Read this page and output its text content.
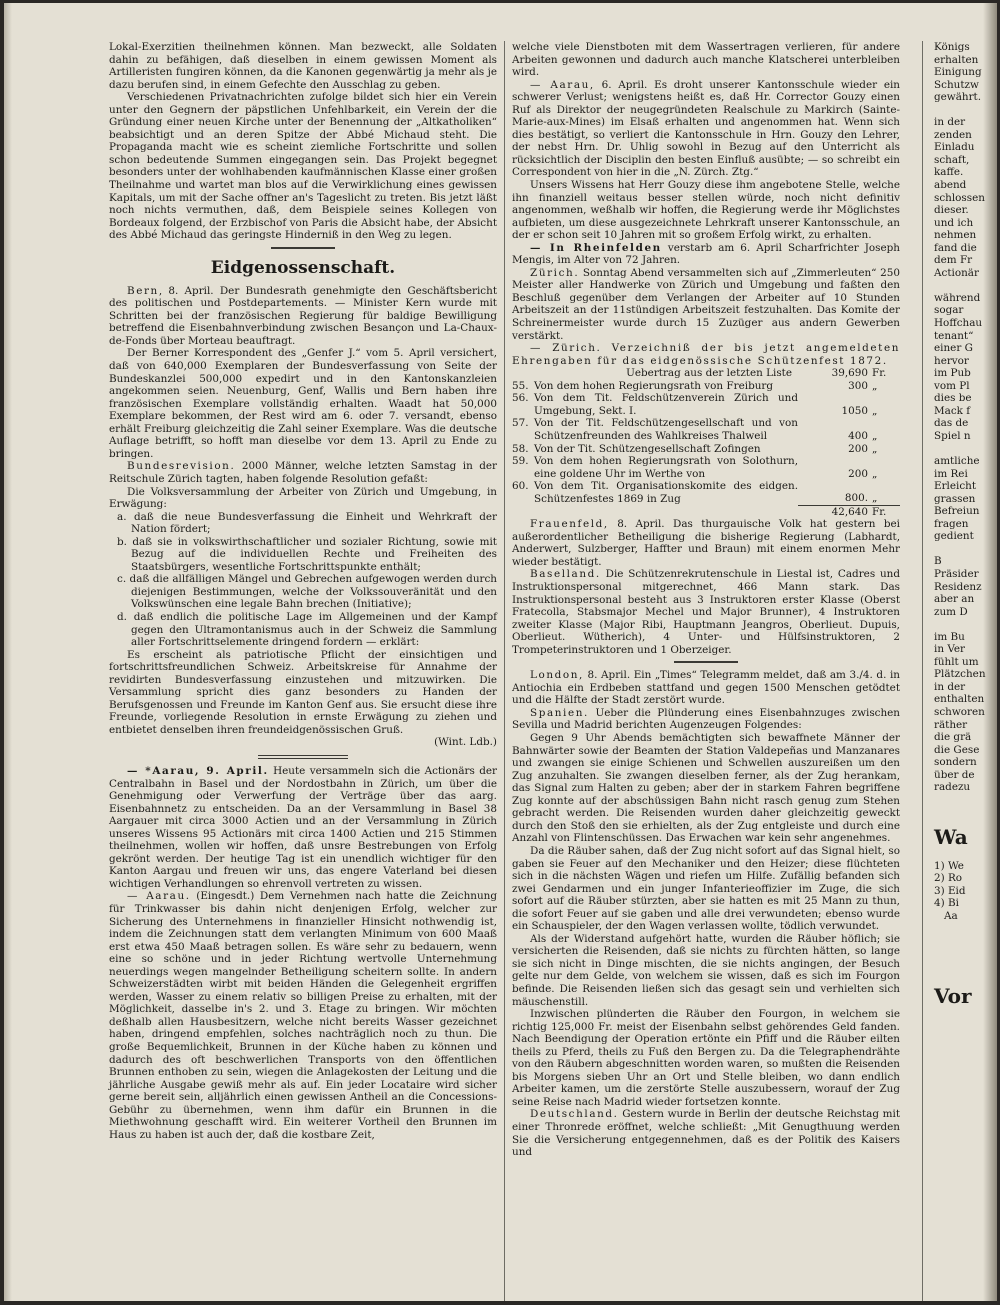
Lokal-Exerzitien theilnehmen können. Man bezweckt, alle Soldaten dahin zu befähigen, daß dieselben in einem gewissen Moment als Artilleristen fungiren können, da die Kanonen gegenwärtig ja mehr als je dazu berufen sind, in einem Gefechte den Ausschlag zu geben.

Verschiedenen Privatnachrichten zufolge bildet sich hier ein Verein unter den Gegnern der päpstlichen Unfehlbarkeit, ein Verein der die Gründung einer neuen Kirche unter der Benennung der „Altkatholiken“ beabsichtigt und an deren Spitze der Abbé Michaud steht. Die Propaganda macht wie es scheint ziemliche Fortschritte und sollen schon bedeutende Summen eingegangen sein. Das Projekt begegnet besonders unter der wohlhabenden kaufmännischen Klasse einer großen Theilnahme und wartet man blos auf die Verwirklichung eines gewissen Kapitals, um mit der Sache offner an's Tageslicht zu treten. Bis jetzt läßt noch nichts vermuthen, daß, dem Beispiele seines Kollegen von Bordeaux folgend, der Erzbischof von Paris die Absicht habe, der Absicht des Abbé Michaud das geringste Hinderniß in den Weg zu legen.

Eidgenossenschaft.

Bern, 8. April. Der Bundesrath genehmigte den Geschäftsbericht des politischen und Postdepartements. — Minister Kern wurde mit Schritten bei der französischen Regierung für baldige Bewilligung betreffend die Eisenbahnverbindung zwischen Besançon und La-Chaux-de-Fonds über Morteau beauftragt.

Der Berner Korrespondent des „Genfer J.“ vom 5. April versichert, daß von 640,000 Exemplaren der Bundesverfassung von Seite der Bundeskanzlei 500,000 expedirt und in den Kantonskanzleien angekommen seien. Neuenburg, Genf, Wallis und Bern haben ihre französischen Exemplare vollständig erhalten. Waadt hat 50,000 Exemplare bekommen, der Rest wird am 6. oder 7. versandt, ebenso erhält Freiburg gleichzeitig die Zahl seiner Exemplare. Was die deutsche Auflage betrifft, so hofft man dieselbe vor dem 13. April zu Ende zu bringen.

Bundesrevision. 2000 Männer, welche letzten Samstag in der Reitschule Zürich tagten, haben folgende Resolution gefaßt:

Die Volksversammlung der Arbeiter von Zürich und Umgebung, in Erwägung:

a. daß die neue Bundesverfassung die Einheit und Wehrkraft der Nation fördert;

b. daß sie in volkswirthschaftlicher und sozialer Richtung, sowie mit Bezug auf die individuellen Rechte und Freiheiten des Staatsbürgers, wesentliche Fortschrittspunkte enthält;

c. daß die allfälligen Mängel und Gebrechen aufgewogen werden durch diejenigen Bestimmungen, welche der Volkssouveränität und den Volkswünschen eine legale Bahn brechen (Initiative);

d. daß endlich die politische Lage im Allgemeinen und der Kampf gegen den Ultramontanismus auch in der Schweiz die Sammlung aller Fortschrittselemente dringend fordern — erklärt:

Es erscheint als patriotische Pflicht der einsichtigen und fortschrittsfreundlichen Schweiz. Arbeitskreise für Annahme der revidirten Bundesverfassung einzustehen und mitzuwirken. Die Versammlung spricht dies ganz besonders zu Handen der Berufsgenossen und Freunde im Kanton Genf aus. Sie ersucht diese ihre Freunde, vorliegende Resolution in ernste Erwägung zu ziehen und entbietet denselben ihren freundeidgenössischen Gruß.

(Wint. Ldb.)

— *Aarau, 9. April. Heute versammeln sich die Actionärs der Centralbahn in Basel und der Nordostbahn in Zürich, um über die Genehmigung oder Verwerfung der Verträge über das aarg. Eisenbahnnetz zu entscheiden. Da an der Versammlung in Basel 38 Aargauer mit circa 3000 Actien und an der Versammlung in Zürich unseres Wissens 95 Actionärs mit circa 1400 Actien und 215 Stimmen theilnehmen, wollen wir hoffen, daß unsre Bestrebungen von Erfolg gekrönt werden. Der heutige Tag ist ein unendlich wichtiger für den Kanton Aargau und freuen wir uns, das engere Vaterland bei diesen wichtigen Verhandlungen so ehrenvoll vertreten zu wissen.

— Aarau. (Eingesdt.) Dem Vernehmen nach hatte die Zeichnung für Trinkwasser bis dahin nicht denjenigen Erfolg, welcher zur Sicherung des Unternehmens in finanzieller Hinsicht nothwendig ist, indem die Zeichnungen statt dem verlangten Minimum von 600 Maaß erst etwa 450 Maaß betragen sollen. Es wäre sehr zu bedauern, wenn eine so schöne und in jeder Richtung wertvolle Unternehmung neuerdings wegen mangelnder Betheiligung scheitern sollte. In andern Schweizerstädten wirbt mit beiden Händen die Gelegenheit ergriffen werden, Wasser zu einem relativ so billigen Preise zu erhalten, mit der Möglichkeit, dasselbe in's 2. und 3. Etage zu bringen. Wir möchten deßhalb allen Hausbesitzern, welche nicht bereits Wasser gezeichnet haben, dringend empfehlen, solches nachträglich noch zu thun. Die große Bequemlichkeit, Brunnen in der Küche haben zu können und dadurch des oft beschwerlichen Transports von den öffentlichen Brunnen enthoben zu sein, wiegen die Anlagekosten der Leitung und die jährliche Ausgabe gewiß mehr als auf. Ein jeder Locataire wird sicher gerne bereit sein, alljährlich einen gewissen Antheil an die Concessions-Gebühr zu übernehmen, wenn ihm dafür ein Brunnen in die Miethwohnung geschafft wird. Ein weiterer Vortheil den Brunnen im Haus zu haben ist auch der, daß die kostbare Zeit,

welche viele Dienstboten mit dem Wassertragen verlieren, für andere Arbeiten gewonnen und dadurch auch manche Klatscherei unterbleiben wird.

— Aarau, 6. April. Es droht unserer Kantonsschule wieder ein schwerer Verlust; wenigstens heißt es, daß Hr. Corrector Gouzy einen Ruf als Direktor der neugegründeten Realschule zu Markirch (Sainte-Marie-aux-Mines) im Elsaß erhalten und angenommen hat. Wenn sich dies bestätigt, so verliert die Kantonsschule in Hrn. Gouzy den Lehrer, der nebst Hrn. Dr. Uhlig sowohl in Bezug auf den Unterricht als rücksichtlich der Disciplin den besten Einfluß ausübte; — so schreibt ein Correspondent von hier in die „N. Zürch. Ztg.“

Unsers Wissens hat Herr Gouzy diese ihm angebotene Stelle, welche ihn finanziell weitaus besser stellen würde, noch nicht definitiv angenommen, weßhalb wir hoffen, die Regierung werde ihr Möglichstes aufbieten, um diese ausgezeichnete Lehrkraft unserer Kantonsschule, an der er schon seit 10 Jahren mit so großem Erfolg wirkt, zu erhalten.

— In Rheinfelden verstarb am 6. April Scharfrichter Joseph Mengis, im Alter von 72 Jahren.

Zürich. Sonntag Abend versammelten sich auf „Zimmerleuten“ 250 Meister aller Handwerke von Zürich und Umgebung und faßten den Beschluß gegenüber dem Verlangen der Arbeiter auf 10 Stunden Arbeitszeit an der 11stündigen Arbeitszeit festzuhalten. Das Komite der Schreinermeister wurde durch 15 Zuzüger aus andern Gewerben verstärkt.

— Zürich. Verzeichniß der bis jetzt angemeldeten Ehrengaben für das eidgenössische Schützenfest 1872.

	Uebertrag aus der letzten Liste	39,690	Fr.
55.	Von dem hohen Regierungsrath von Freiburg	300	„
56.	Von dem Tit. Feldschützenverein Zürich und Umgebung, Sekt. I.	1050	„
57.	Von der Tit. Feldschützengesellschaft und von Schützenfreunden des Wahlkreises Thalweil	400	„
58.	Von der Tit. Schützengesellschaft Zofingen	200	„
59.	Von dem hohen Regierungsrath von Solothurn, eine goldene Uhr im Werthe von	200	„
60.	Von dem Tit. Organisationskomite des eidgen. Schützenfestes 1869 in Zug	800.	„
		42,640	Fr.

Frauenfeld, 8. April. Das thurgauische Volk hat gestern bei außerordentlicher Betheiligung die bisherige Regierung (Labhardt, Anderwert, Sulzberger, Haffter und Braun) mit einem enormen Mehr wieder bestätigt.

Baselland. Die Schützenrekrutenschule in Liestal ist, Cadres und Instruktionspersonal mitgerechnet, 466 Mann stark. Das Instruktionspersonal besteht aus 3 Instruktoren erster Klasse (Oberst Fratecolla, Stabsmajor Mechel und Major Brunner), 4 Instruktoren zweiter Klasse (Major Ribi, Hauptmann Jeangros, Oberlieut. Dupuis, Oberlieut. Wütherich), 4 Unter- und Hülfsinstruktoren, 2 Trompeterinstruktoren und 1 Oberzeiger.

London, 8. April. Ein „Times“ Telegramm meldet, daß am 3./4. d. in Antiochia ein Erdbeben stattfand und gegen 1500 Menschen getödtet und die Hälfte der Stadt zerstört wurde.

Spanien. Ueber die Plünderung eines Eisenbahnzuges zwischen Sevilla und Madrid berichten Augenzeugen Folgendes:

Gegen 9 Uhr Abends bemächtigten sich bewaffnete Männer der Bahnwärter sowie der Beamten der Station Valdepeñas und Manzanares und zwangen sie einige Schienen und Schwellen auszureißen um den Zug anzuhalten. Sie zwangen dieselben ferner, als der Zug herankam, das Signal zum Halten zu geben; aber der in starkem Fahren begriffene Zug konnte auf der abschüssigen Bahn nicht rasch genug zum Stehen gebracht werden. Die Reisenden wurden daher gleichzeitig geweckt durch den Stoß den sie erhielten, als der Zug entgleiste und durch eine Anzahl von Flintenschüssen. Das Erwachen war kein sehr angenehmes.

Da die Räuber sahen, daß der Zug nicht sofort auf das Signal hielt, so gaben sie Feuer auf den Mechaniker und den Heizer; diese flüchteten sich in die nächsten Wägen und riefen um Hilfe. Zufällig befanden sich zwei Gendarmen und ein junger Infanterieoffizier im Zuge, die sich sofort auf die Räuber stürzten, aber sie hatten es mit 25 Mann zu thun, die sofort Feuer auf sie gaben und alle drei verwundeten; ebenso wurde ein Schauspieler, der den Wagen verlassen wollte, tödlich verwundet.

Als der Widerstand aufgehört hatte, wurden die Räuber höflich; sie versicherten die Reisenden, daß sie nichts zu fürchten hätten, so lange sie sich nicht in Dinge mischten, die sie nichts angingen, der Besuch gelte nur dem Gelde, von welchem sie wissen, daß es sich im Fourgon befinde. Die Reisenden ließen sich das gesagt sein und verhielten sich mäuschenstill.

Inzwischen plünderten die Räuber den Fourgon, in welchem sie richtig 125,000 Fr. meist der Eisenbahn selbst gehörendes Geld fanden. Nach Beendigung der Operation ertönte ein Pfiff und die Räuber eilten theils zu Pferd, theils zu Fuß den Bergen zu. Da die Telegraphendrähte von den Räubern abgeschnitten worden waren, so mußten die Reisenden bis Morgens sieben Uhr an Ort und Stelle bleiben, wo dann endlich Arbeiter kamen, um die zerstörte Stelle auszubessern, worauf der Zug seine Reise nach Madrid wieder fortsetzen konnte.

Deutschland. Gestern wurde in Berlin der deutsche Reichstag mit einer Thronrede eröffnet, welche schließt: „Mit Genugthuung werden Sie die Versicherung entgegennehmen, daß es der Politik des Kaisers und

Königs
erhalten
Einigung
Schutzw
gewährt.
in der
zenden
Einladu
schaft,
kaffe.
abend
schlossen
dieser.
und ich
nehmen
fand die
dem Fr
Actionär
während
sogar
Hoffchau
tenant“
einer G
hervor
im Pub
vom Pl
dies be
Mack f
das de
Spiel n
amtliche
im Rei
Erleicht
grassen
Befreiun
fragen
gedient
B
Präsider
Residenz
aber an
zum D
im Bu
in Ver
fühlt um
Plätzchen
in der
enthalten
schworen
räther
die grä
die Gese
sondern
über de
radezu
Wa
1) We
2) Ro
3) Eid
4) Bi
Aa
Vor
